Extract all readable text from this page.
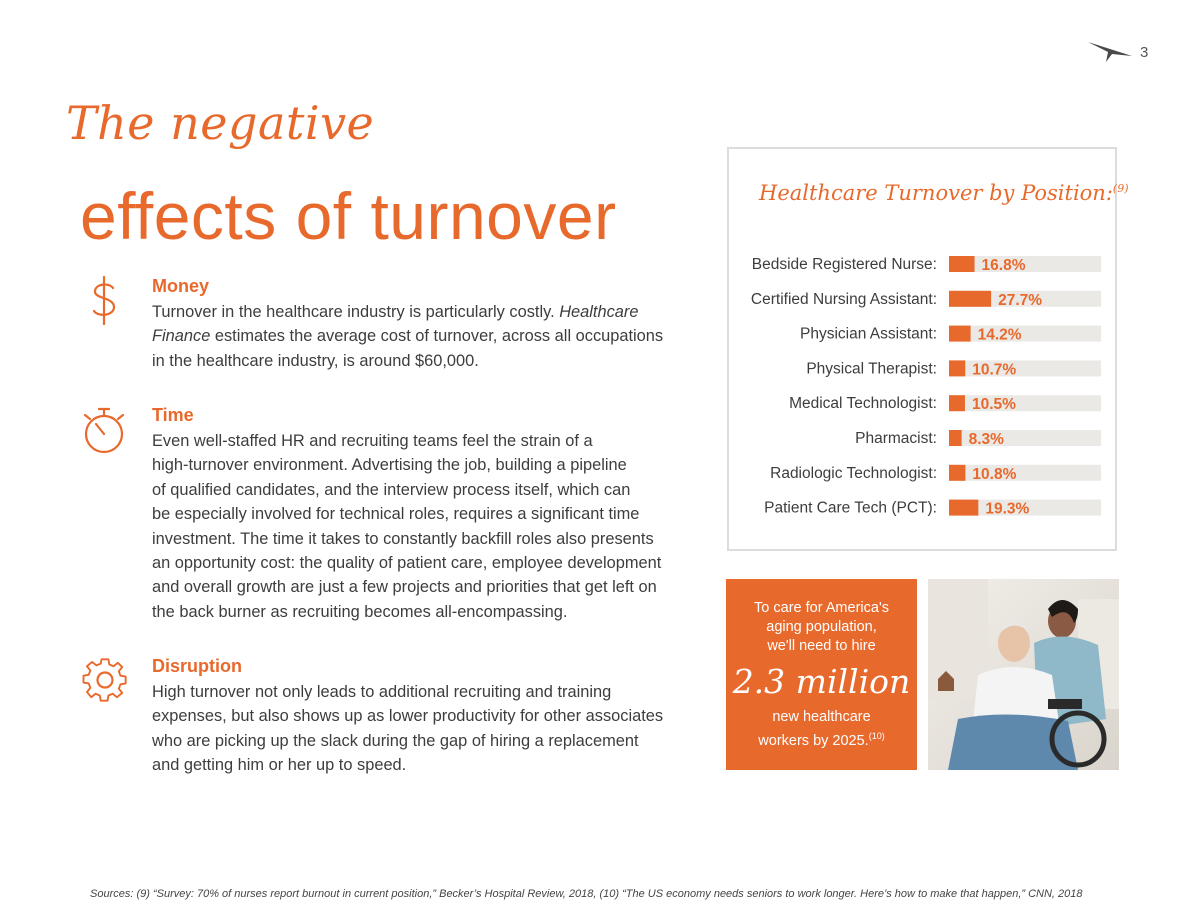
3
The negative
effects of turnover
Money

Turnover in the healthcare industry is particularly costly. Healthcare
Finance estimates the average cost of turnover, across all occupations
in the healthcare industry, is around $60,000.

Time

Even well-staffed HR and recruiting teams feel the strain of a
high-turnover environment. Advertising the job, building a pipeline
of qualified candidates, and the interview process itself, which can
be especially involved for technical roles, requires a significant time
investment. The time it takes to constantly backfill roles also presents
an opportunity cost: the quality of patient care, employee development
and overall growth are just a few projects and priorities that get left on
the back burner as recruiting becomes all-encompassing.

Disruption

High turnover not only leads to additional recruiting and training
expenses, but also shows up as lower productivity for other associates
who are picking up the slack during the gap of hiring a replacement
and getting him or her up to speed.

Healthcare Turnover by Position:$^{(9)}$
Bedside Registered Nurse:	16.8%
Certified Nursing Assistant:	27.7%
Physician Assistant:	14.2%
Physical Therapist: 10.7%
Medical Technologist: 10.5%
Pharmacist: 8.3%
Radiologic Technologist: 10.8%
Patient Care Tech (PCT):	19.3%

To care for America's

aging population,

we'll need to hire

2.3 million

new healthcare

workers by 2025.$^{(10)}$

Sources: (9) “Survey: 70% of nurses report burnout in current position,” Becker’s Hospital Review, 2018, (10) “The US economy needs seniors to work longer. Here’s how to make that happen,” CNN, 2018
